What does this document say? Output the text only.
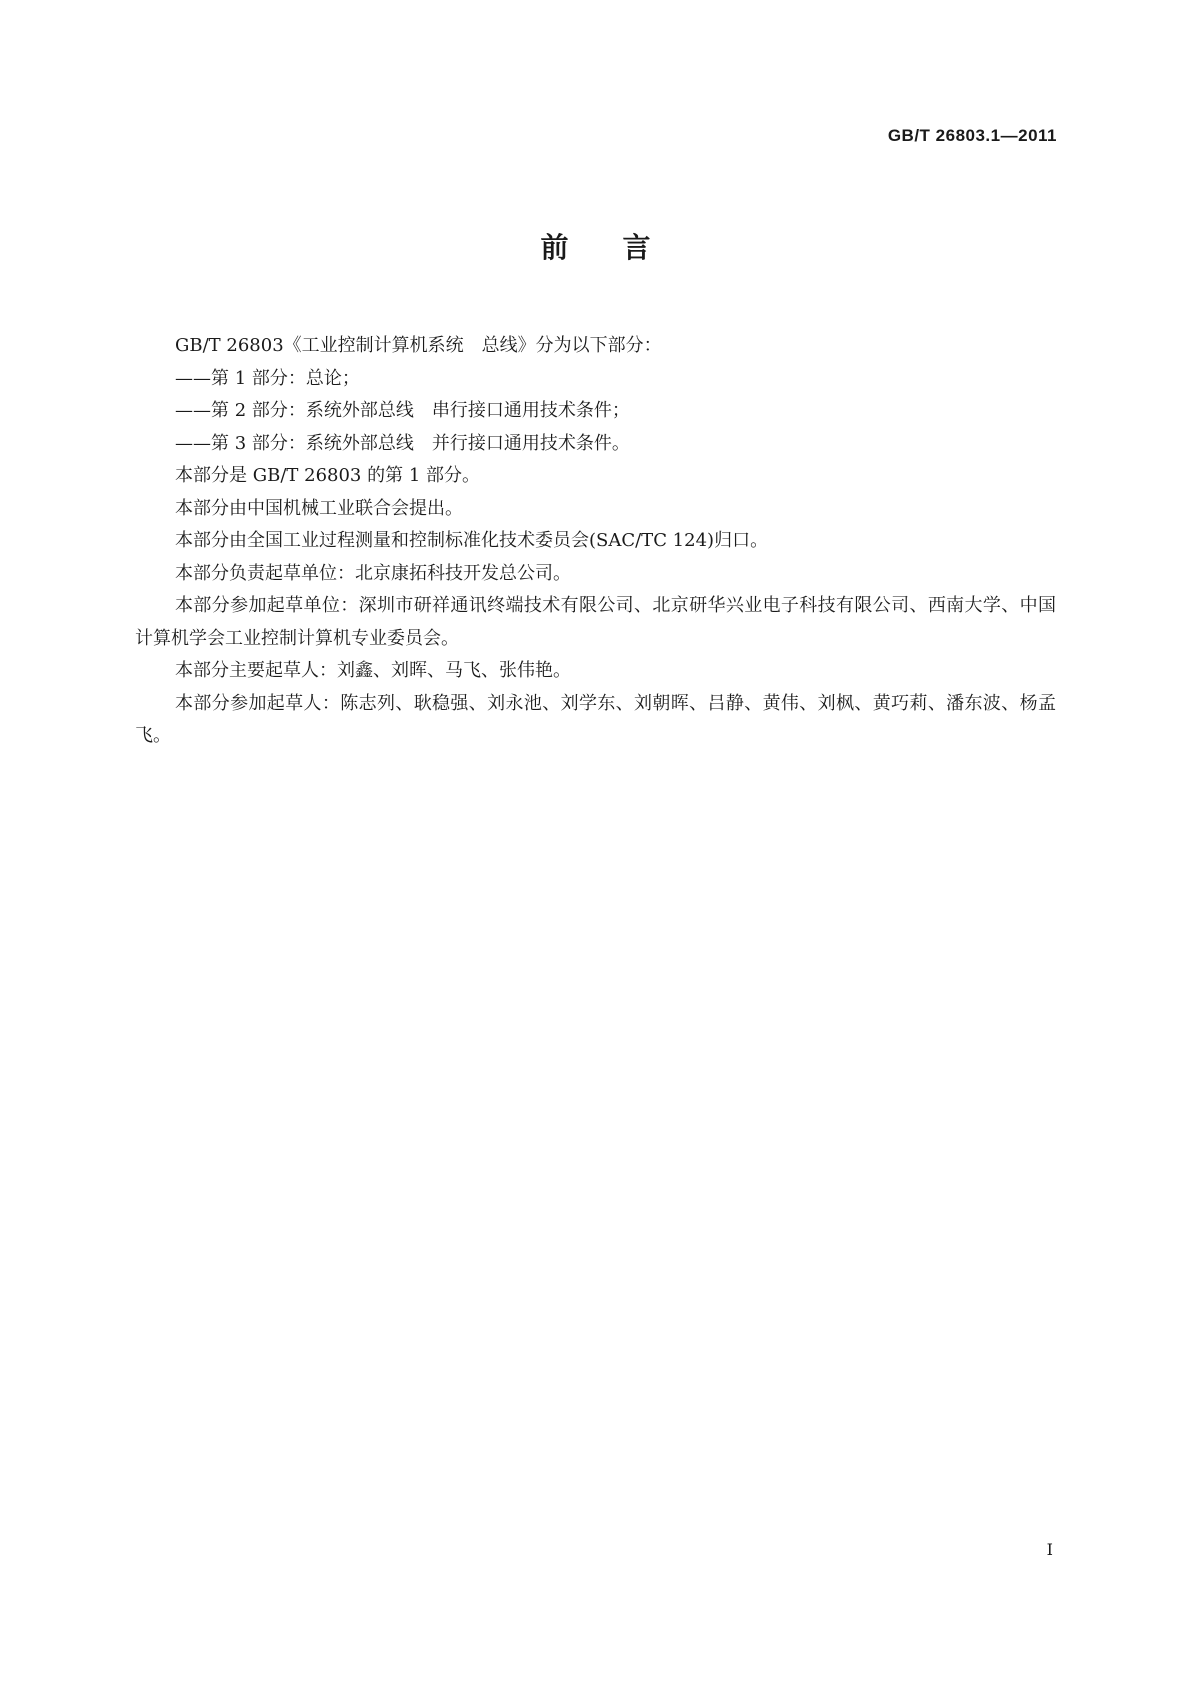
GB/T 26803.1—2011
前言

GB/T 26803《工业控制计算机系统　总线》分为以下部分：

——第 1 部分：总论；

——第 2 部分：系统外部总线　串行接口通用技术条件；

——第 3 部分：系统外部总线　并行接口通用技术条件。

本部分是 GB/T 26803 的第 1 部分。

本部分由中国机械工业联合会提出。

本部分由全国工业过程测量和控制标准化技术委员会(SAC/TC 124)归口。

本部分负责起草单位：北京康拓科技开发总公司。

本部分参加起草单位：深圳市研祥通讯终端技术有限公司、北京研华兴业电子科技有限公司、西南大学、中国计算机学会工业控制计算机专业委员会。

本部分主要起草人：刘鑫、刘晖、马飞、张伟艳。

本部分参加起草人：陈志列、耿稳强、刘永池、刘学东、刘朝晖、吕静、黄伟、刘枫、黄巧莉、潘东波、杨孟飞。

I
